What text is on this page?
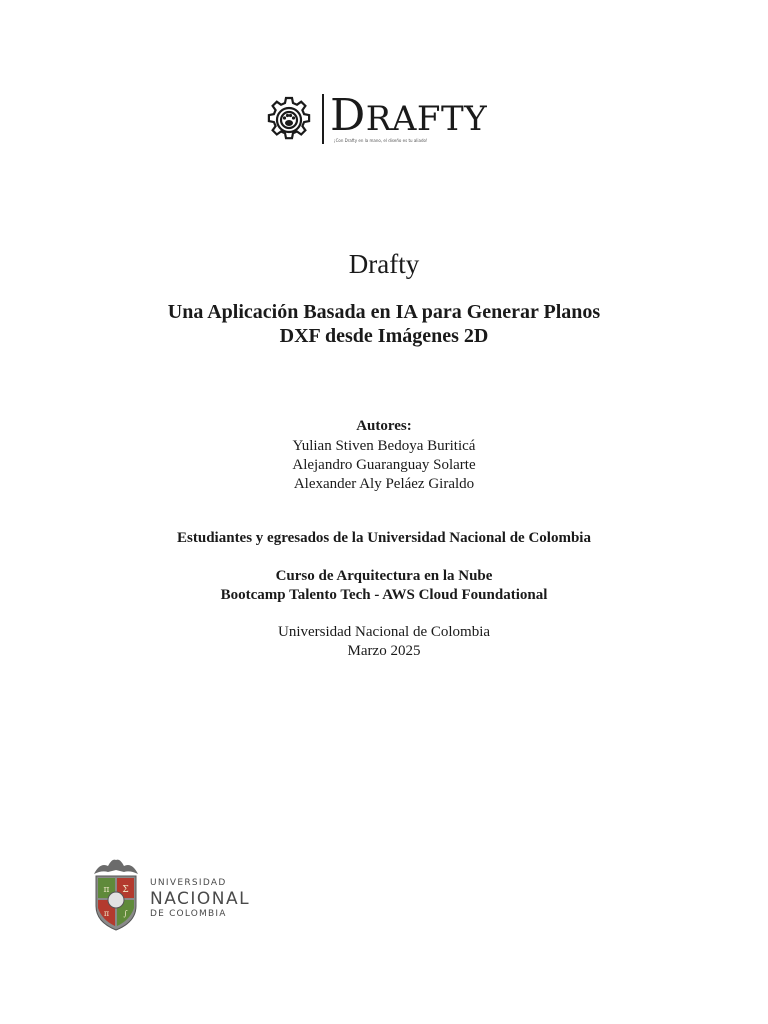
DRAFTY
¡Con Drafty en la mano, el diseño es tu aliado!
Drafty
Una Aplicación Basada en IA para Generar Planos
DXF desde Imágenes 2D
Autores:
Yulian Stiven Bedoya Buriticá
Alejandro Guaranguay Solarte
Alexander Aly Peláez Giraldo
Estudiantes y egresados de la Universidad Nacional de Colombia
Curso de Arquitectura en la Nube
Bootcamp Talento Tech - AWS Cloud Foundational
Universidad Nacional de Colombia
Marzo 2025
π Σ
π ∫
UNIVERSIDAD
NACIONAL
DE COLOMBIA
